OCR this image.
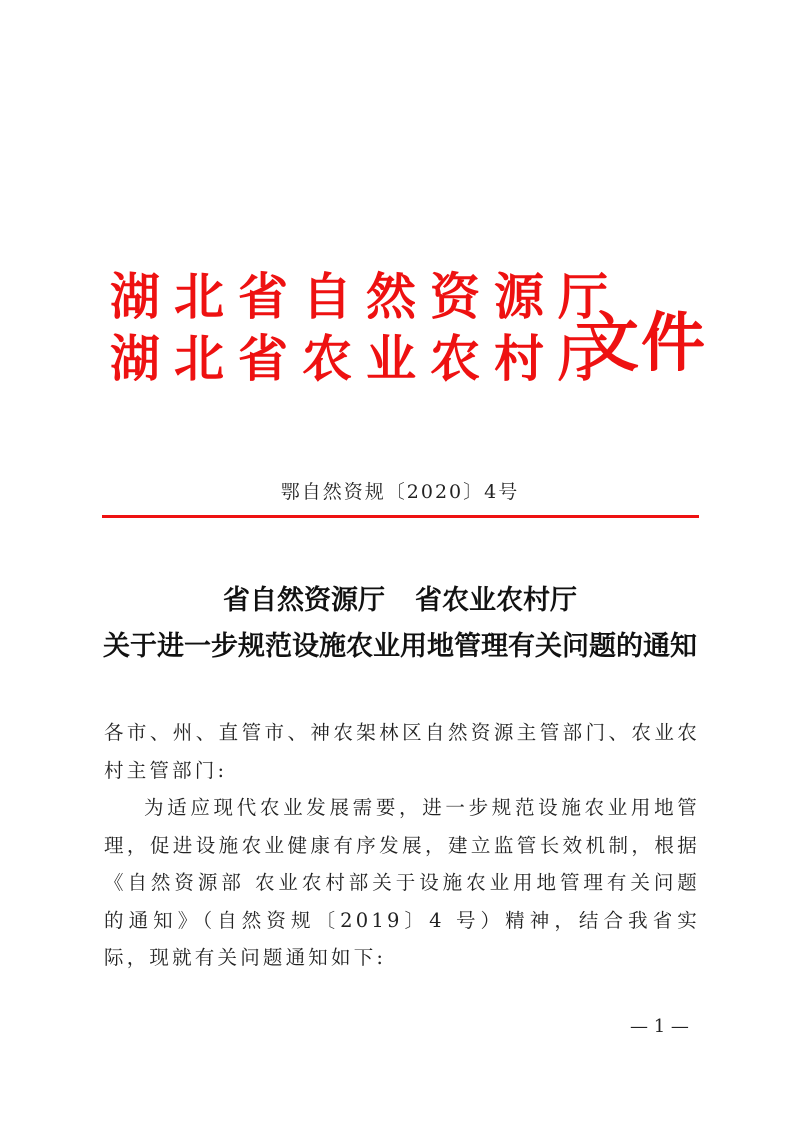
湖北省自然资源厅
湖北省农业农村厅
文件
鄂自然资规〔2020〕4号
省自然资源厅 省农业农村厅
关于进一步规范设施农业用地管理有关问题的通知

各市、州、直管市、神农架林区自然资源主管部门、农业农村主管部门:

为适应现代农业发展需要，进一步规范设施农业用地管理，促进设施农业健康有序发展，建立监管长效机制，根据《自然资源部 农业农村部关于设施农业用地管理有关问题的通知》（自然资规〔2019〕4 号）精神，结合我省实际，现就有关问题通知如下:

— 1 —
